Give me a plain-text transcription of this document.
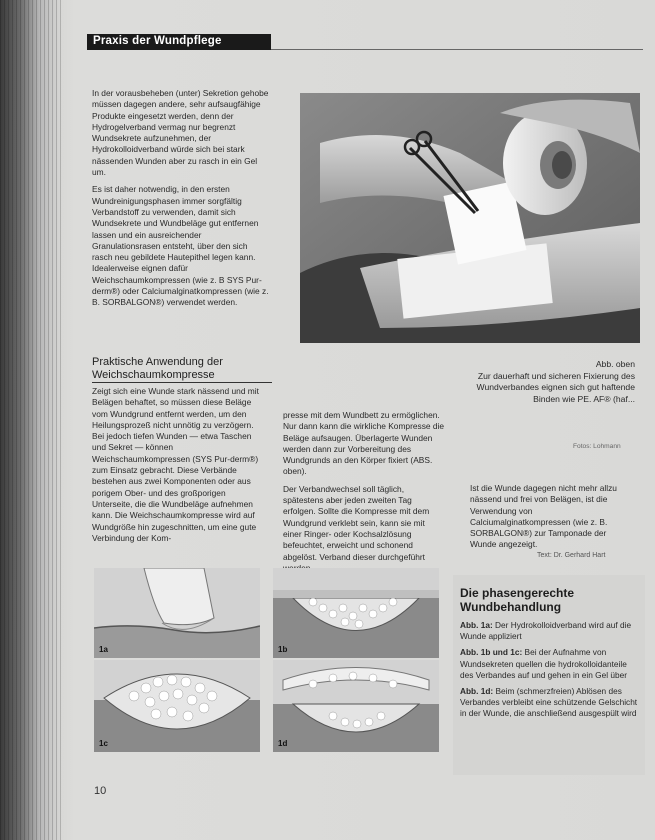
Praxis der Wundpflege

In der vorausbeheben (unter) Sekretion gehobe müssen dagegen andere, sehr aufsaugfähige Produkte eingesetzt werden, denn der Hydrogelverband vermag nur begrenzt Wundsekrete aufzunehmen, der Hydrokolloidverband würde sich bei stark nässenden Wunden aber zu rasch in ein Gel um.

Es ist daher notwendig, in den ersten Wundreinigungsphasen immer sorgfältig Verbandstoff zu verwenden, damit sich Wundsekrete und Wundbeläge gut entfernen lassen und ein ausreichender Granulationsrasen entsteht, über den sich rasch neu gebildete Hautepithel legen kann. Idealerweise eignen dafür Weichschaumkompressen (wie z. B SYS Pur-derm®) oder Calciumalginatkompressen (wie z. B. SORBALGON®) verwendet werden.

Praktische Anwendung der Weichschaumkompresse

Zeigt sich eine Wunde stark nässend und mit Belägen behaftet, so müssen diese Beläge vom Wundgrund entfernt werden, um den Heilungsprozeß nicht unnötig zu verzögern. Bei jedoch tiefen Wunden — etwa Taschen und Sekret — können Weichschaumkompressen (SYS Pur-derm®) zum Einsatz gebracht. Diese Verbände bestehen aus zwei Komponenten oder aus porigem Ober- und des großporigen Unterseite, die die Wundbeläge aufnehmen kann. Die Weichschaumkompresse wird auf Wundgröße hin zugeschnitten, um eine gute Verbindung der Kom-

presse mit dem Wundbett zu ermöglichen. Nur dann kann die wirkliche Kompresse die Beläge aufsaugen. Überlagerte Wunden werden dann zur Vorbereitung des Wundgrunds an den Körper fixiert (ABS. oben).

Der Verbandwechsel soll täglich, spätestens aber jeden zweiten Tag erfolgen. Sollte die Kompresse mit dem Wundgrund verklebt sein, kann sie mit einer Ringer- oder Kochsalzlösung befeuchtet, erweicht und schonend abgelöst. Verband dieser durchgeführt

Abb. oben
Zur dauerhaft und sicheren Fixierung des Wundverbandes eignen sich gut haftende Binden wie PE. AF® (haf...
Fotos: Lohmann

Ist die Wunde dagegen nicht mehr allzu nässend und frei von Belägen, ist die Verwendung von Calciumalginatkompressen (wie z. B. SORBALGON®) zur Tamponade der Wunde angezeigt.

Text: Dr. Gerhard Hart
Die phasengerechte Wundbehandlung

Abb. 1a: Der Hydrokolloidverband wird auf die Wunde appliziert

Abb. 1b und 1c: Bei der Aufnahme von Wundsekreten quellen die hydrokolloidanteile des Verbandes auf und gehen in ein Gel über

Abb. 1d: Beim (schmerzfreien) Ablösen des Verbandes verbleibt eine schützende Gelschicht in der Wunde, die anschließend ausgespült wird

1a	1b
1c	1d
10
